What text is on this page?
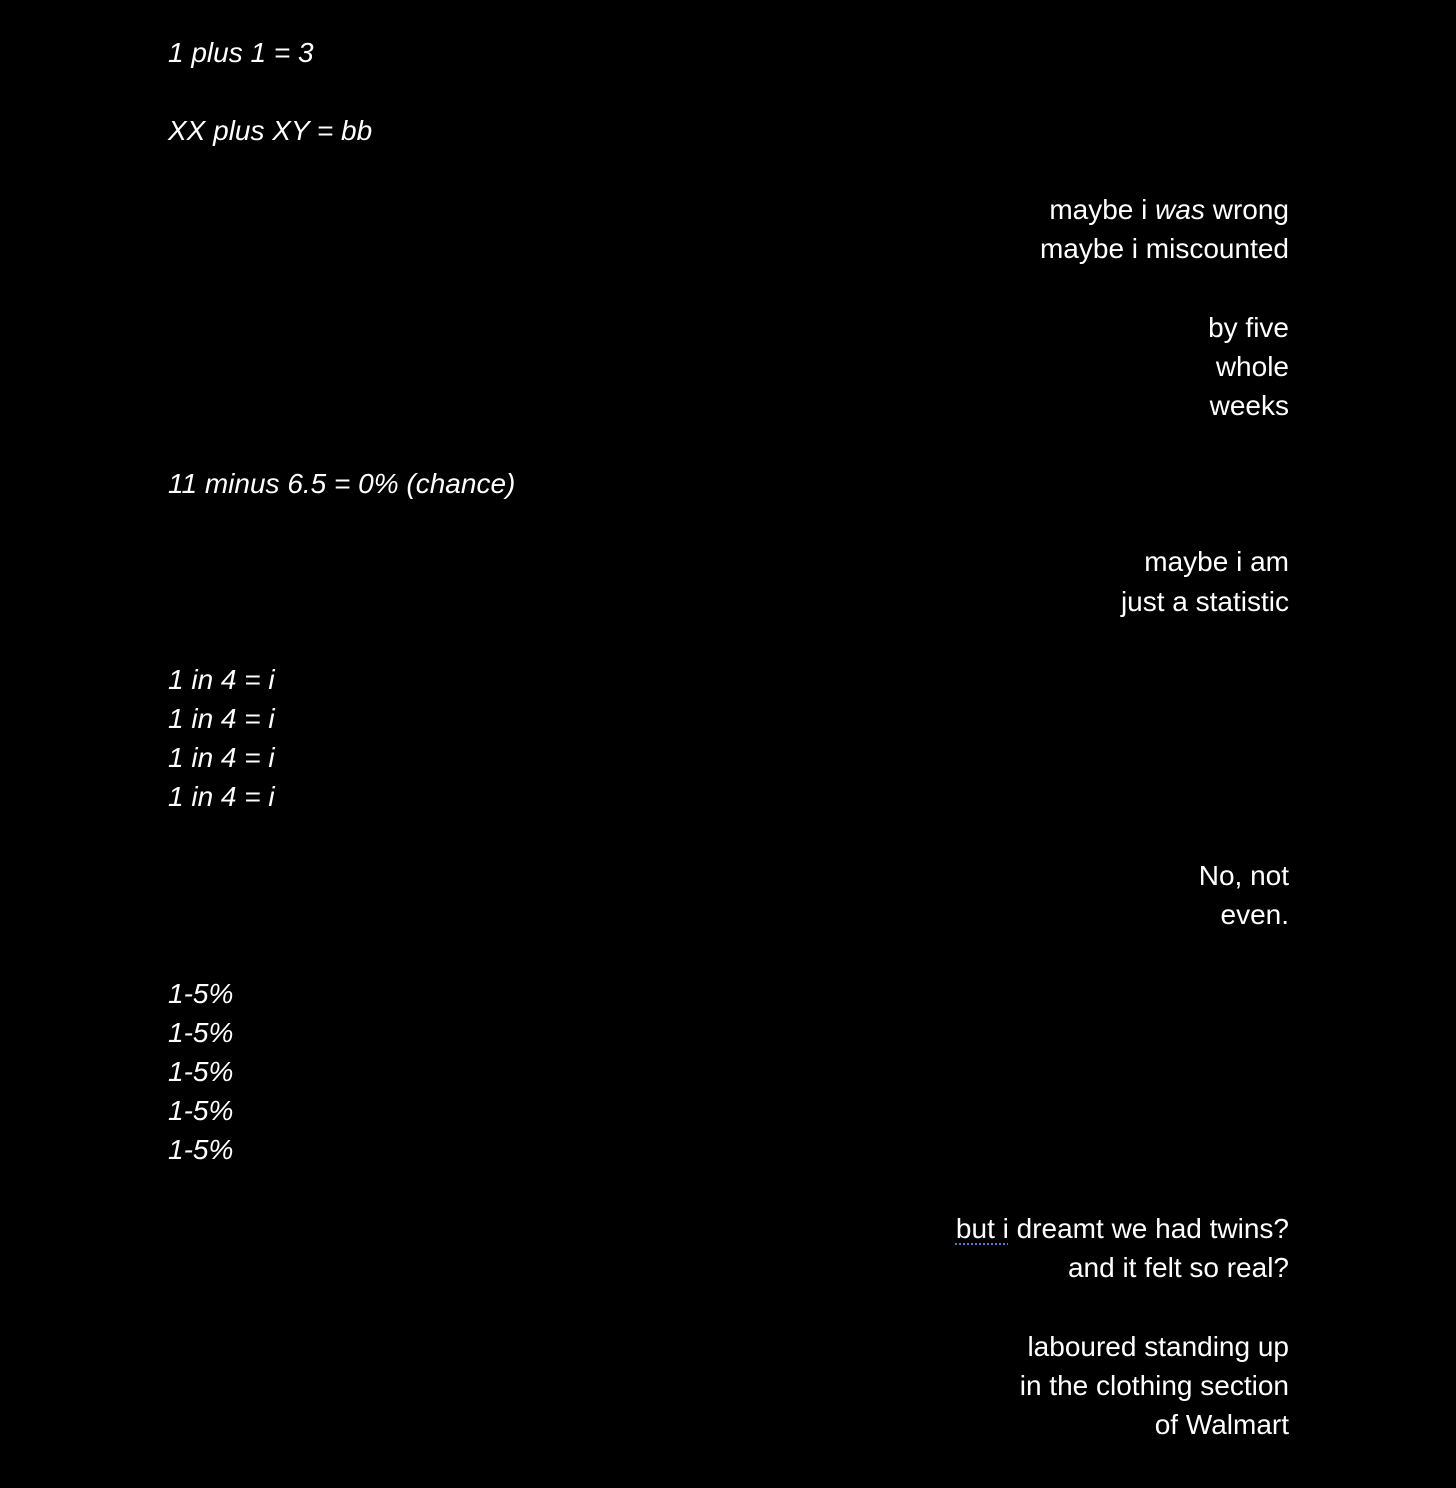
1 plus 1 = 3
XX plus XY = bb
maybe i was wrong
maybe i miscounted
by five
whole
weeks
11 minus 6.5 = 0% (chance)
maybe i am
just a statistic
1 in 4 = i
1 in 4 = i
1 in 4 = i
1 in 4 = i
No, not
even.
1-5%
1-5%
1-5%
1-5%
1-5%
but i dreamt we had twins?
and it felt so real?
laboured standing up
in the clothing section
of Walmart
